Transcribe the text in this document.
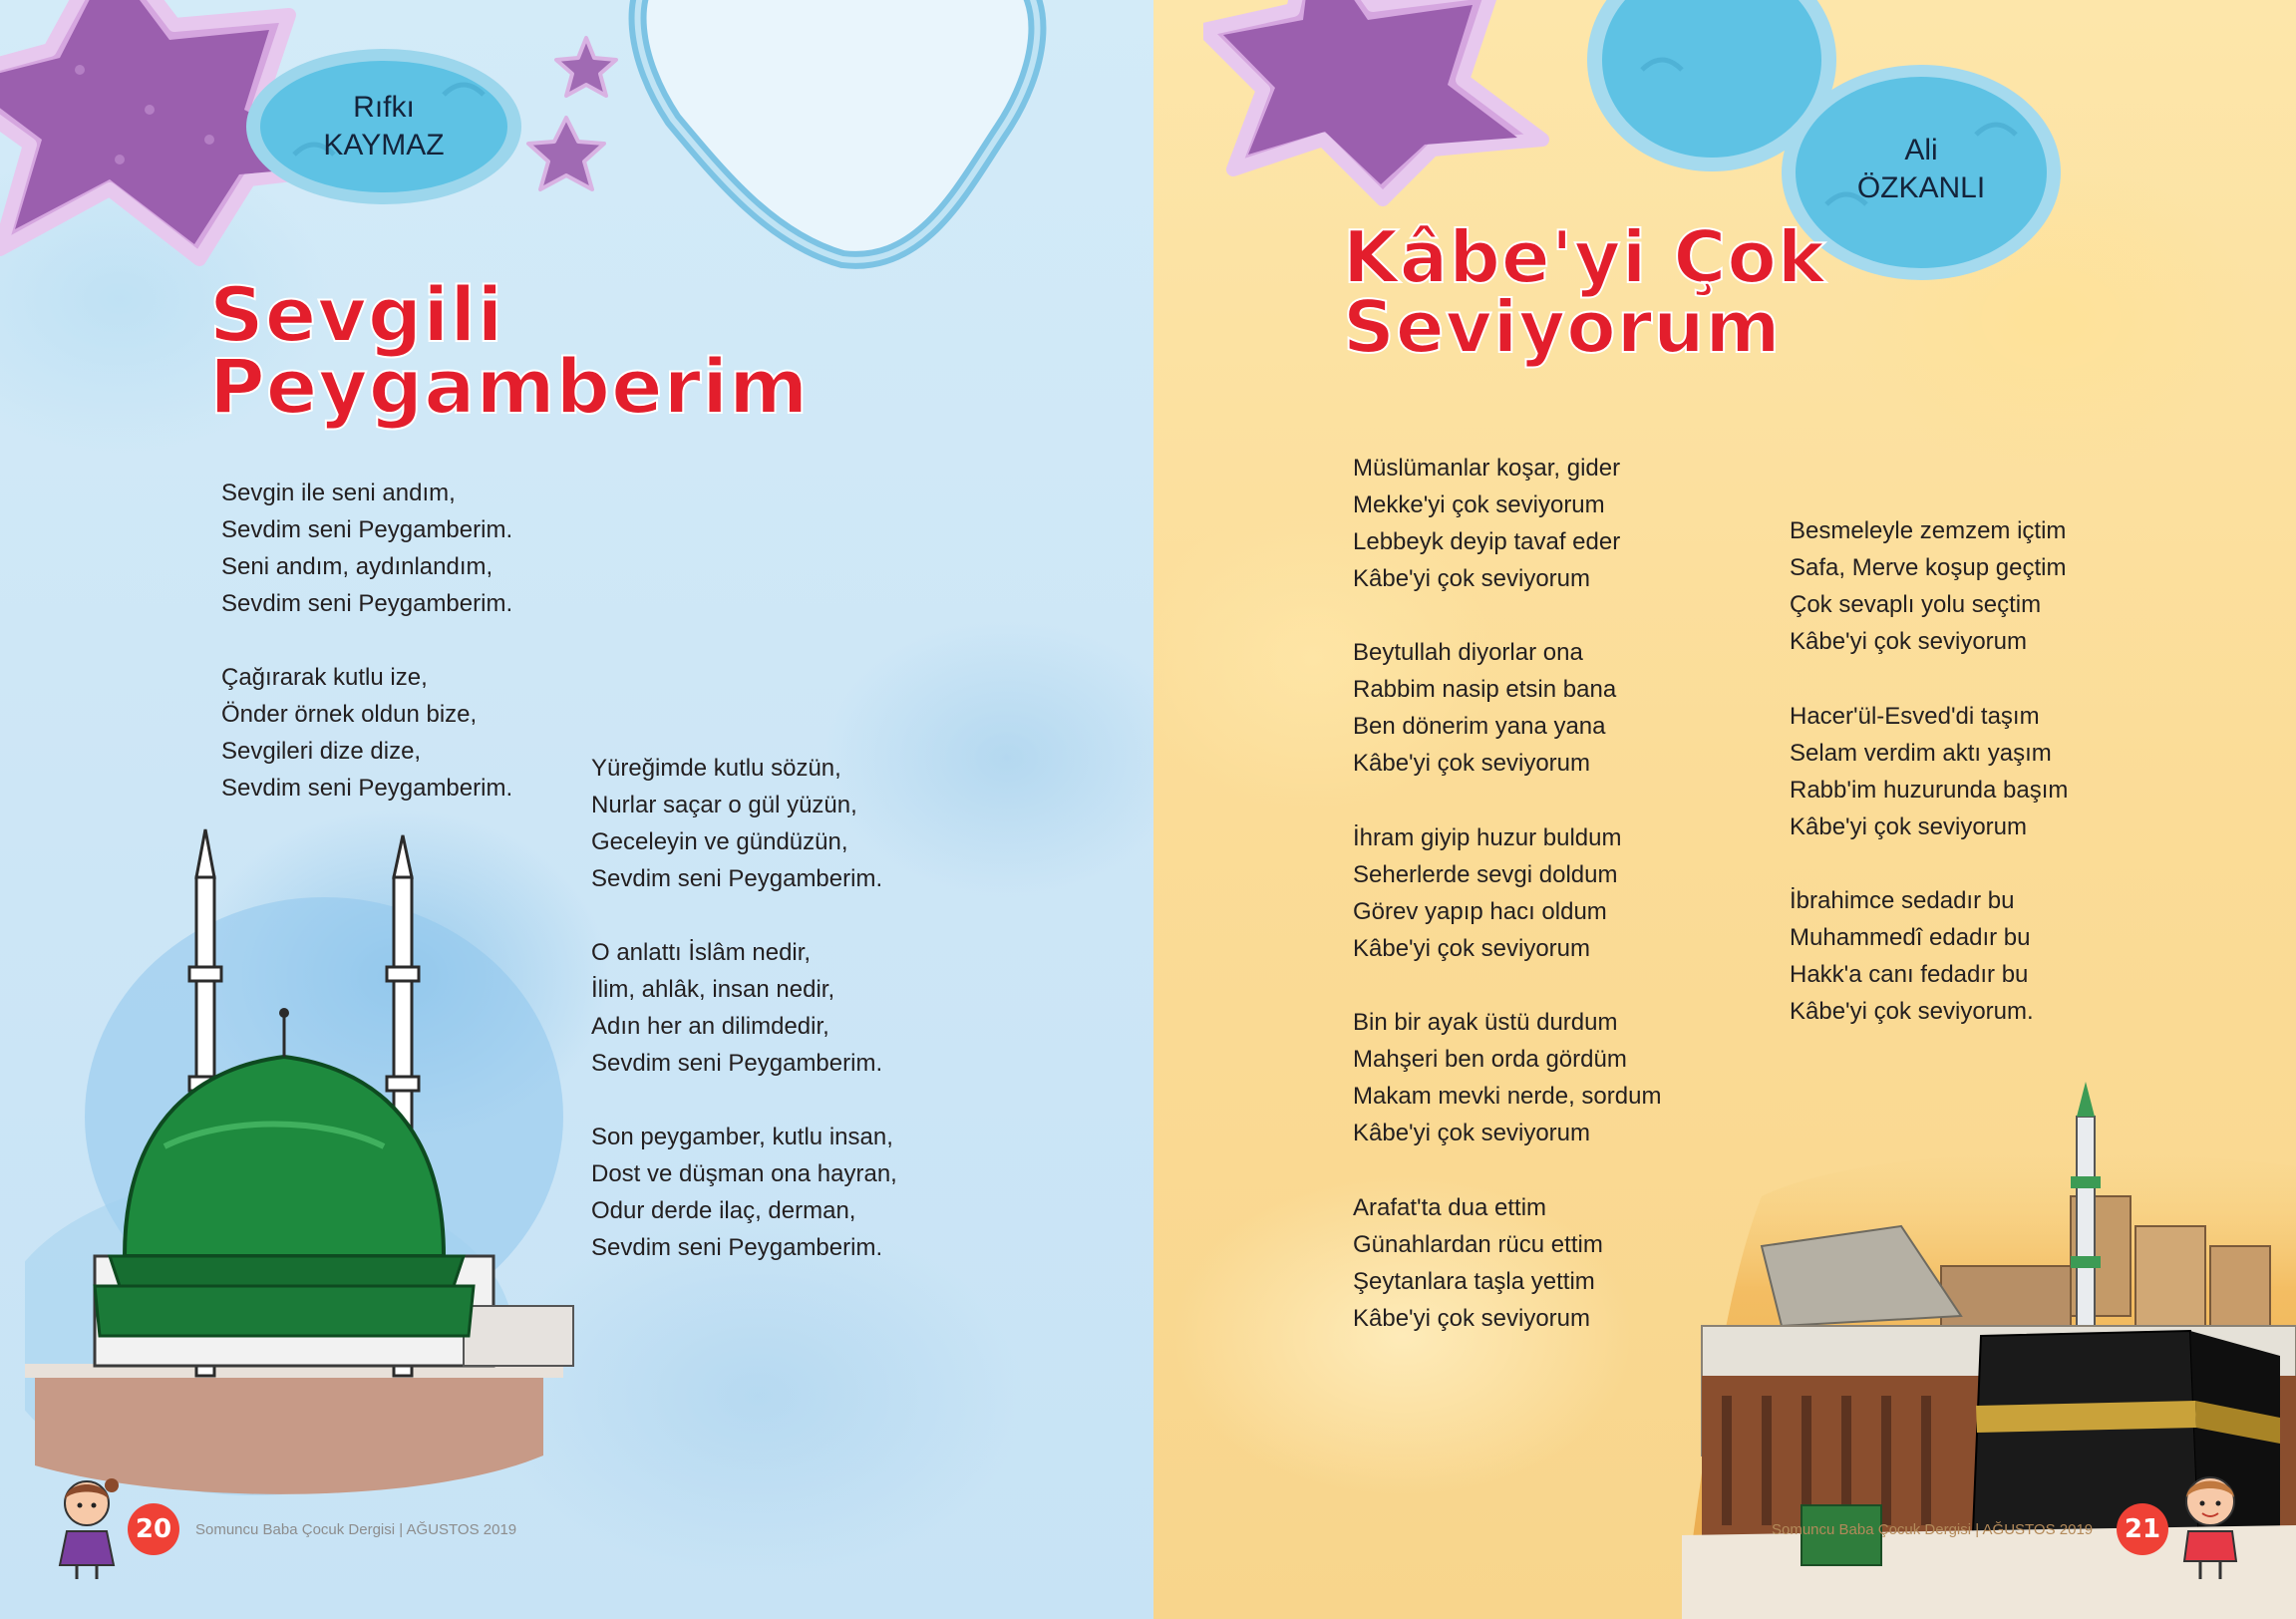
Rıfkı
KAYMAZ
Sevgili
Peygamberim
Sevgin ile seni andım,
Sevdim seni Peygamberim.
Seni andım, aydınlandım,
Sevdim seni Peygamberim.
Çağırarak kutlu ize,
Önder örnek oldun bize,
Sevgileri dize dize,
Sevdim seni Peygamberim.
Yüreğimde kutlu sözün,
Nurlar saçar o gül yüzün,
Geceleyin ve gündüzün,
Sevdim seni Peygamberim.
O anlattı İslâm nedir,
İlim, ahlâk, insan nedir,
Adın her an dilimdedir,
Sevdim seni Peygamberim.
Son peygamber, kutlu insan,
Dost ve düşman ona hayran,
Odur derde ilaç, derman,
Sevdim seni Peygamberim.
20	Somuncu Baba Çocuk Dergisi | AĞUSTOS 2019
Ali
ÖZKANLI
Kâbe'yi Çok
Seviyorum
Müslümanlar koşar, gider
Mekke'yi çok seviyorum
Lebbeyk deyip tavaf eder
Kâbe'yi çok seviyorum
Beytullah diyorlar ona
Rabbim nasip etsin bana
Ben dönerim yana yana
Kâbe'yi çok seviyorum
İhram giyip huzur buldum
Seherlerde sevgi doldum
Görev yapıp hacı oldum
Kâbe'yi çok seviyorum
Bin bir ayak üstü durdum
Mahşeri ben orda gördüm
Makam mevki nerde, sordum
Kâbe'yi çok seviyorum
Arafat'ta dua ettim
Günahlardan rücu ettim
Şeytanlara taşla yettim
Kâbe'yi çok seviyorum
Besmeleyle zemzem içtim
Safa, Merve koşup geçtim
Çok sevaplı yolu seçtim
Kâbe'yi çok seviyorum
Hacer'ül-Esved'di taşım
Selam verdim aktı yaşım
Rabb'im huzurunda başım
Kâbe'yi çok seviyorum
İbrahimce sedadır bu
Muhammedî edadır bu
Hakk'a canı fedadır bu
Kâbe'yi çok seviyorum.
Somuncu Baba Çocuk Dergisi | AĞUSTOS 2019	21
